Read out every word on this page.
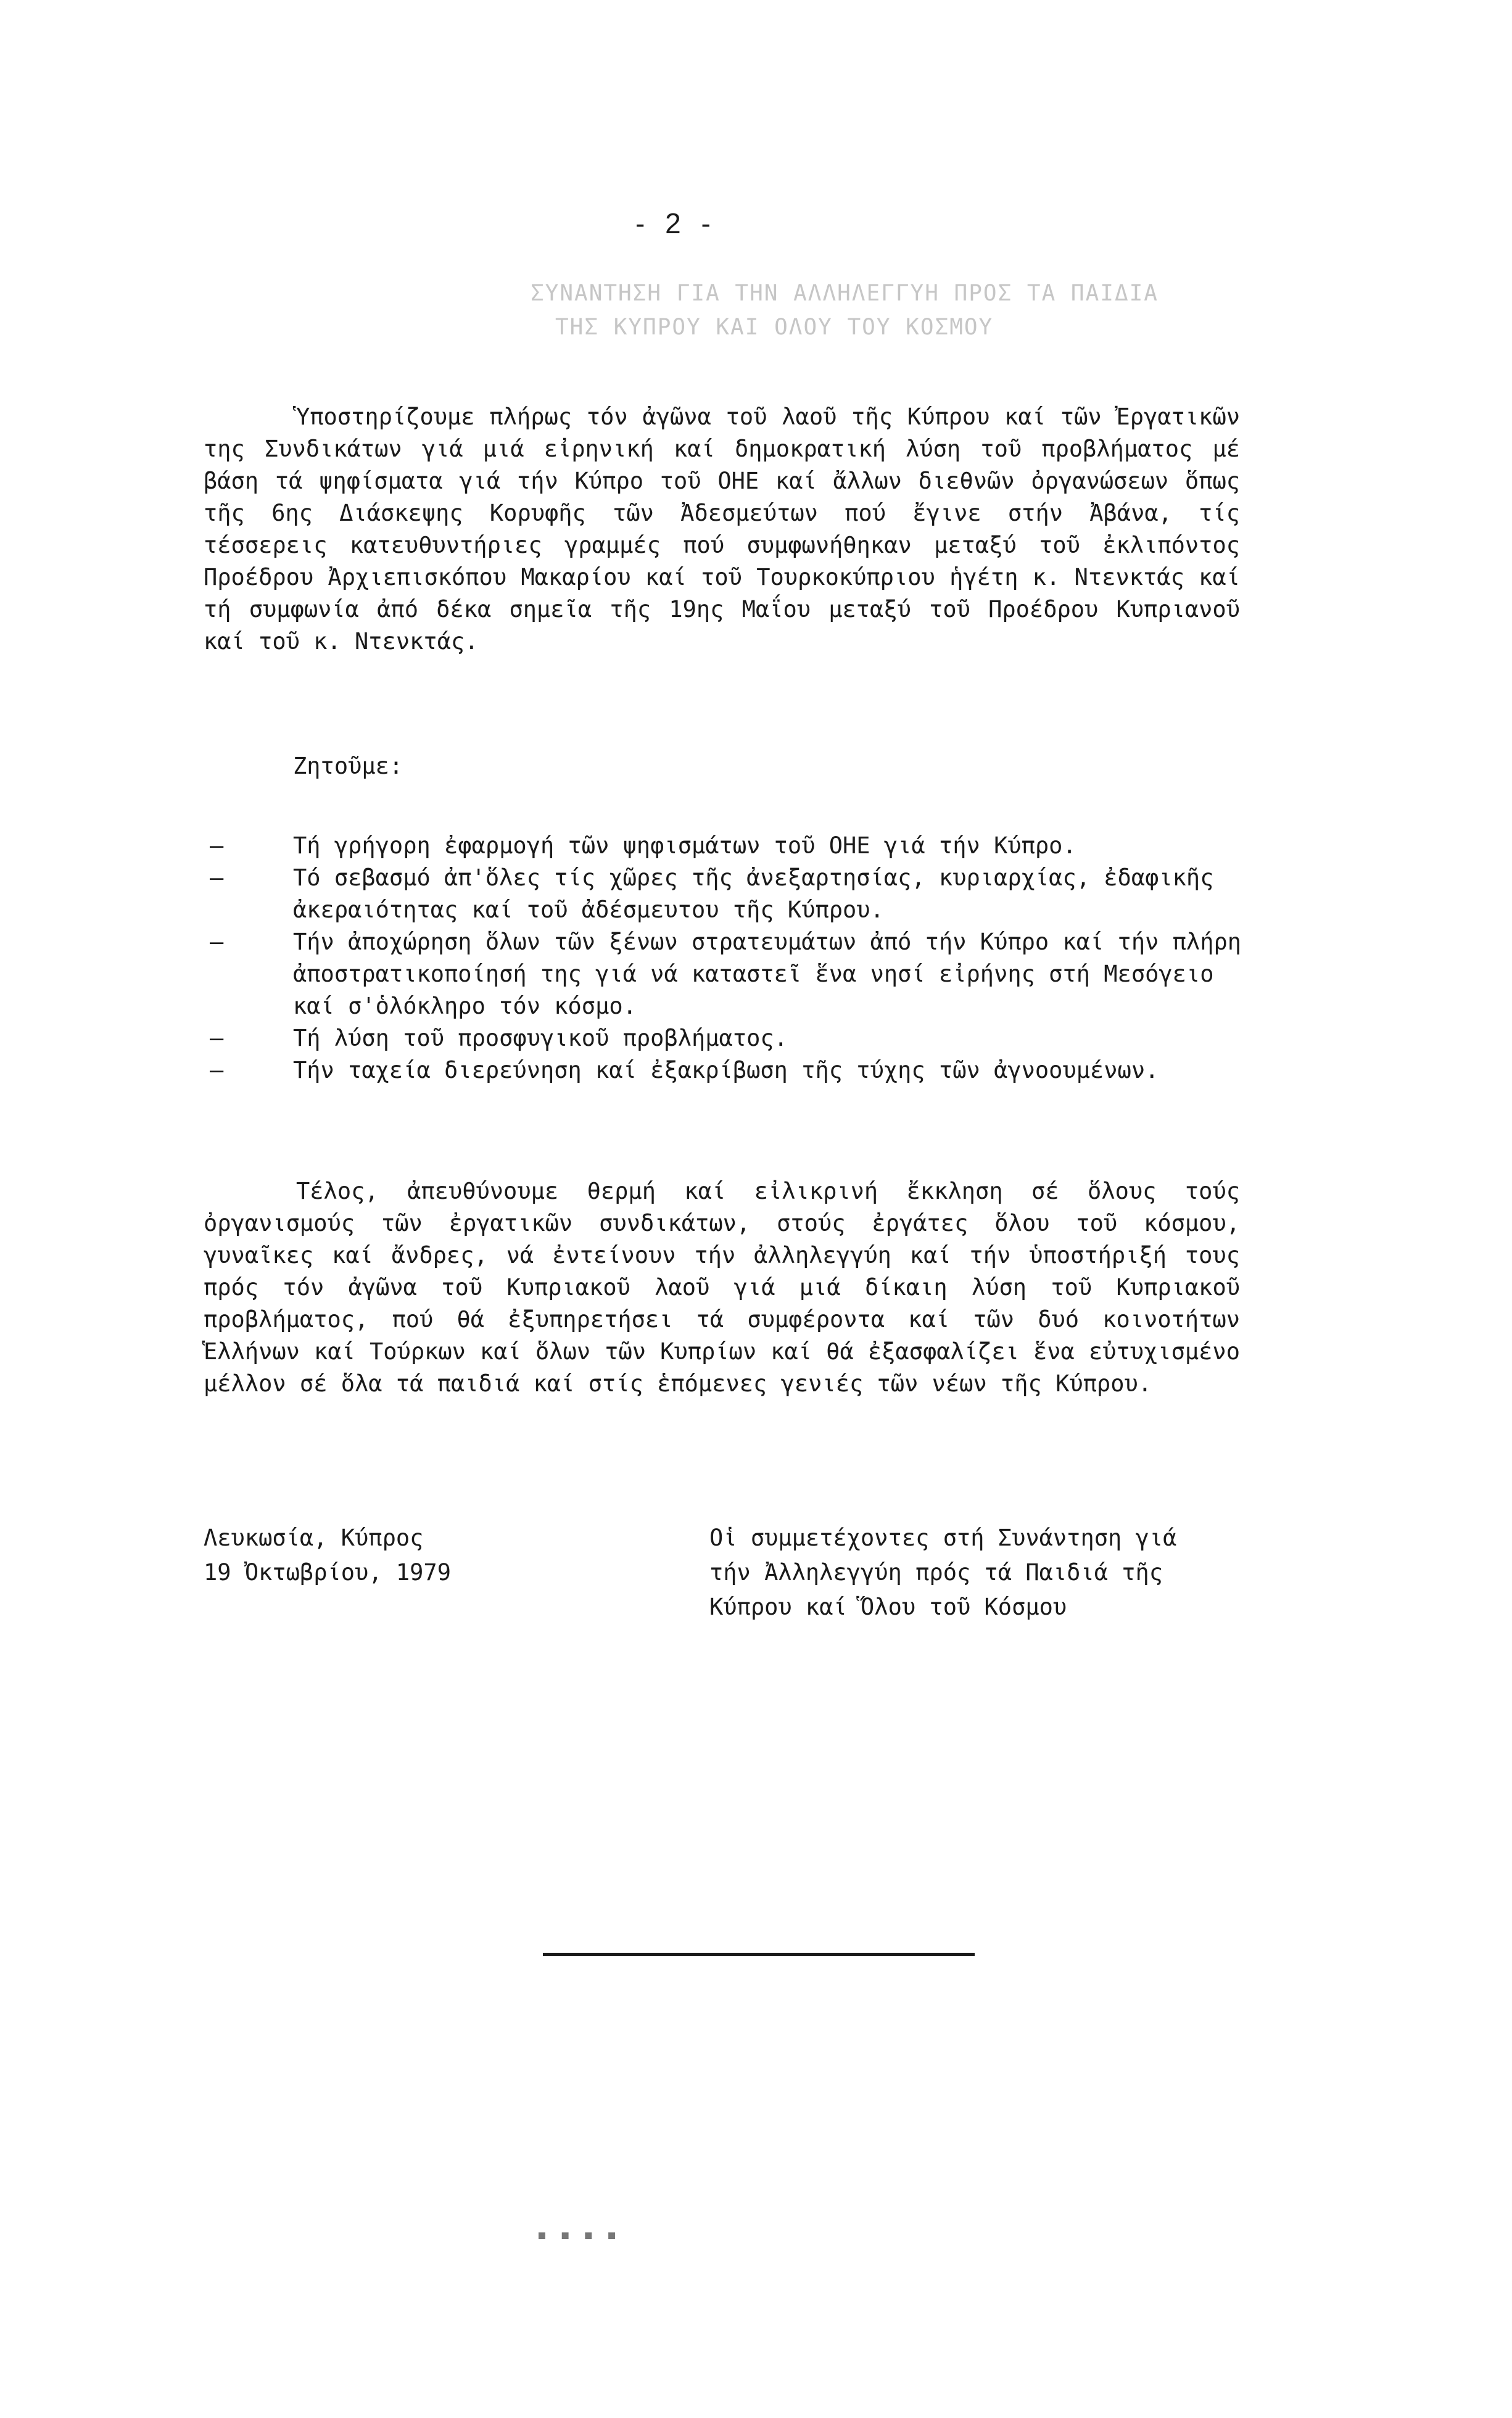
- 2 -
ΣΥΝΑΝΤΗΣΗ ΓΙΑ ΤΗΝ ΑΛΛΗΛΕΓΓΥΗ ΠΡΟΣ ΤΑ ΠΑΙΔΙΑ
ΤΗΣ ΚΥΠΡΟΥ ΚΑΙ ΟΛΟΥ ΤΟΥ ΚΟΣΜΟΥ
Ὑποστηρίζουμε πλήρως τόν ἀγῶνα τοῦ λαοῦ τῆς Κύπρου καί τῶν Ἐργατικῶν της Συνδικάτων γιά μιά εἰρηνική καί δημοκρατική λύση τοῦ προβλήματος μέ βάση τά ψηφίσματα γιά τήν Κύπρο τοῦ ΟΗΕ καί ἄλλων διεθνῶν ὀργανώσεων ὅπως τῆς 6ης Διάσκεψης Κορυφῆς τῶν Ἀδεσμεύτων πού ἔγινε στήν Ἀβάνα, τίς τέσσερεις κατευθυντήριες γραμμές πού συμφωνήθηκαν μεταξύ τοῦ ἐκλιπόντος Προέδρου Ἀρχιεπισκόπου Μακαρίου καί τοῦ Τουρκοκύπριου ἡγέτη κ. Ντενκτάς καί τή συμφωνία ἀπό δέκα σημεῖα τῆς 19ης Μαΐου μεταξύ τοῦ Προέδρου Κυπριανοῦ καί τοῦ κ. Ντενκτάς.
Ζητοῦμε:
–	Τή γρήγορη ἐφαρμογή τῶν ψηφισμάτων τοῦ ΟΗΕ γιά τήν Κύπρο.
–	Τό σεβασμό ἀπ'ὅλες τίς χῶρες τῆς ἀνεξαρτησίας, κυριαρχίας, ἐδαφικῆς ἀκεραιότητας καί τοῦ ἀδέσμευτου τῆς Κύπρου.
–	Τήν ἀποχώρηση ὅλων τῶν ξένων στρατευμάτων ἀπό τήν Κύπρο καί τήν πλήρη ἀποστρατικοποίησή της γιά νά καταστεῖ ἕνα νησί εἰρήνης στή Μεσόγειο καί σ'ὁλόκληρο τόν κόσμο.
–	Τή λύση τοῦ προσφυγικοῦ προβλήματος.
–	Τήν ταχεία διερεύνηση καί ἐξακρίβωση τῆς τύχης τῶν ἀγνοουμένων.
Τέλος, ἀπευθύνουμε θερμή καί εἰλικρινή ἔκκληση σέ ὅλους τούς ὀργανισμούς τῶν ἐργατικῶν συνδικάτων, στούς ἐργάτες ὅλου τοῦ κόσμου, γυναῖκες καί ἄνδρες, νά ἐντείνουν τήν ἀλληλεγγύη καί τήν ὑποστήριξή τους πρός τόν ἀγῶνα τοῦ Κυπριακοῦ λαοῦ γιά μιά δίκαιη λύση τοῦ Κυπριακοῦ προβλήματος, πού θά ἐξυπηρετήσει τά συμφέροντα καί τῶν δυό κοινοτήτων Ἑλλήνων καί Τούρκων καί ὅλων τῶν Κυπρίων καί θά ἐξασφαλίζει ἕνα εὐτυχισμένο μέλλον σέ ὅλα τά παιδιά καί στίς ἑπόμενες γενιές τῶν νέων τῆς Κύπρου.
Λευκωσία, Κύπρος
19 Ὀκτωβρίου, 1979
Οἱ συμμετέχοντες στή Συνάντηση γιά
τήν Ἀλληλεγγύη πρός τά Παιδιά τῆς
Κύπρου καί Ὅλου τοῦ Κόσμου
▪ ▪ ▪ ▪
